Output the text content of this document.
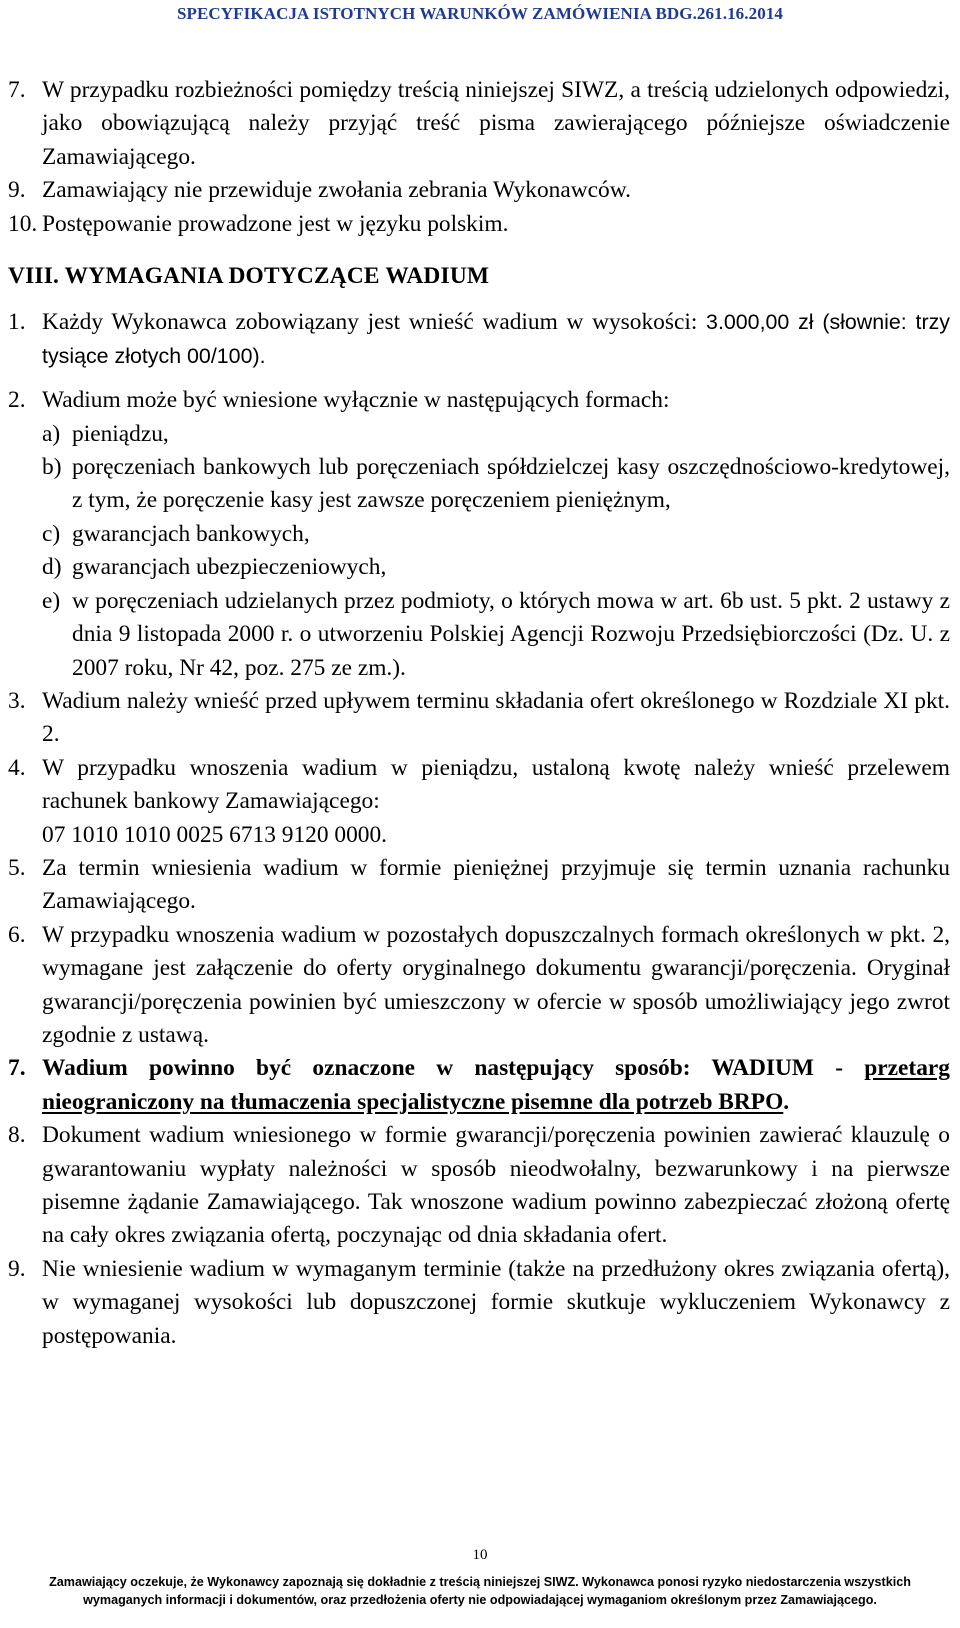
SPECYFIKACJA ISTOTNYCH WARUNKÓW ZAMÓWIENIA BDG.261.16.2014
7. W przypadku rozbieżności pomiędzy treścią niniejszej SIWZ, a treścią udzielonych odpowiedzi, jako obowiązującą należy przyjąć treść pisma zawierającego późniejsze oświadczenie Zamawiającego.
9. Zamawiający nie przewiduje zwołania zebrania Wykonawców.
10. Postępowanie prowadzone jest w języku polskim.
VIII. WYMAGANIA DOTYCZĄCE WADIUM
1. Każdy Wykonawca zobowiązany jest wnieść wadium w wysokości: 3.000,00 zł (słownie: trzy tysiące złotych 00/100).
2. Wadium może być wniesione wyłącznie w następujących formach:
a) pieniądzu,
b) poręczeniach bankowych lub poręczeniach spółdzielczej kasy oszczędnościowo-kredytowej, z tym, że poręczenie kasy jest zawsze poręczeniem pieniężnym,
c) gwarancjach bankowych,
d) gwarancjach ubezpieczeniowych,
e) w poręczeniach udzielanych przez podmioty, o których mowa w art. 6b ust. 5 pkt. 2 ustawy z dnia 9 listopada 2000 r. o utworzeniu Polskiej Agencji Rozwoju Przedsiębiorczości (Dz. U. z 2007 roku, Nr 42, poz. 275 ze zm.).
3. Wadium należy wnieść przed upływem terminu składania ofert określonego w Rozdziale XI pkt. 2.
4. W przypadku wnoszenia wadium w pieniądzu, ustaloną kwotę należy wnieść przelewem rachunek bankowy Zamawiającego:
07 1010 1010 0025 6713 9120 0000.
5. Za termin wniesienia wadium w formie pieniężnej przyjmuje się termin uznania rachunku Zamawiającego.
6. W przypadku wnoszenia wadium w pozostałych dopuszczalnych formach określonych w pkt. 2, wymagane jest załączenie do oferty oryginalnego dokumentu gwarancji/poręczenia. Oryginał gwarancji/poręczenia powinien być umieszczony w ofercie w sposób umożliwiający jego zwrot zgodnie z ustawą.
7. Wadium powinno być oznaczone w następujący sposób: WADIUM - przetarg nieograniczony na tłumaczenia specjalistyczne pisemne dla potrzeb BRPO.
8. Dokument wadium wniesionego w formie gwarancji/poręczenia powinien zawierać klauzulę o gwarantowaniu wypłaty należności w sposób nieodwołalny, bezwarunkowy i na pierwsze pisemne żądanie Zamawiającego. Tak wnoszone wadium powinno zabezpieczać złożoną ofertę na cały okres związania ofertą, poczynając od dnia składania ofert.
9. Nie wniesienie wadium w wymaganym terminie (także na przedłużony okres związania ofertą), w wymaganej wysokości lub dopuszczonej formie skutkuje wykluczeniem Wykonawcy z postępowania.
10
Zamawiający oczekuje, że Wykonawcy zapoznają się dokładnie z treścią niniejszej SIWZ. Wykonawca ponosi ryzyko niedostarczenia wszystkich
wymaganych informacji i dokumentów, oraz przedłożenia oferty nie odpowiadającej wymaganiom określonym przez Zamawiającego.
